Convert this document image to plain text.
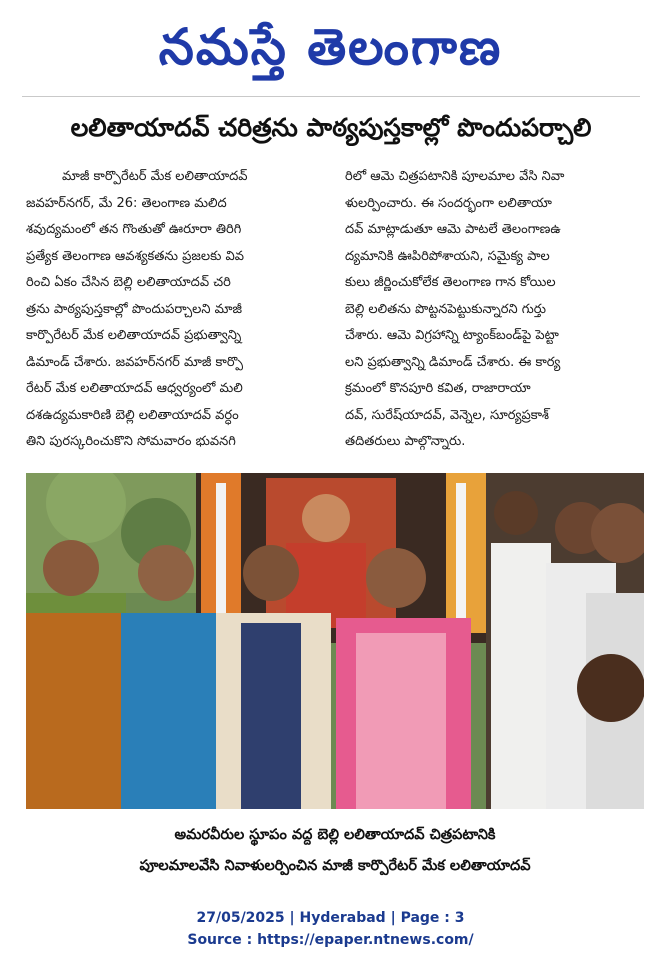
నమస్తే తెలంగాణ
లలితాయాదవ్ చరిత్రను పాఠ్యపుస్తకాల్లో పొందుపర్చాలి
మాజీ కార్పొరేటర్ మేక లలితాయాదవ్
జవహర్‌నగర్, మే 26: తెలంగాణ మలిద
శవుద్యమంలో తన గొంతుతో ఊరూరా తిరిగి
ప్రత్యేక తెలంగాణ ఆవశ్యకతను ప్రజలకు వివ
రించి ఏకం చేసిన బెల్లి లలితాయాదవ్ చరి
త్రను పాఠ్యపుస్తకాల్లో పొందుపర్చాలని మాజీ
కార్పొరేటర్ మేక లలితాయాదవ్ ప్రభుత్వాన్ని
డిమాండ్ చేశారు. జవహర్‌నగర్ మాజీ కార్పొ
రేటర్ మేక లలితాయాదవ్ ఆధ్వర్యంలో మలి
దశఉద్యమకారిణి బెల్లి లలితాయాదవ్ వర్ధం
తిని పురస్కరించుకొని సోమవారం భువనగి
రిలో ఆమె చిత్రపటానికి పూలమాల వేసి నివా
ళులర్పించారు. ఈ సందర్భంగా లలితాయా
దవ్ మాట్లాడుతూ ఆమె పాటలే తెలంగాణఉ
ద్యమానికి ఊపిరిపోశాయని, సమైక్య పాల
కులు జీర్ణించుకోలేక తెలంగాణ గాన కోయిల
బెల్లి లలితను పొట్టనపెట్టుకున్నారని గుర్తు
చేశారు. ఆమె విగ్రహాన్ని ట్యాంక్‌బండ్‌పై పెట్టా
లని ప్రభుత్వాన్ని డిమాండ్ చేశారు. ఈ కార్య
క్రమంలో కొనపూరి కవిత, రాజారాయా
దవ్, సురేష్‌యాదవ్, వెన్నెల, సూర్యప్రకాశ్
తదితరులు పాల్గొన్నారు.
అమరవీరుల స్థూపం వద్ద బెల్లి లలితాయాదవ్ చిత్రపటానికి
పూలమాలవేసి నివాళులర్పించిన మాజీ కార్పొరేటర్ మేక లలితాయాదవ్
27/05/2025 | Hyderabad | Page : 3
Source : https://epaper.ntnews.com/
